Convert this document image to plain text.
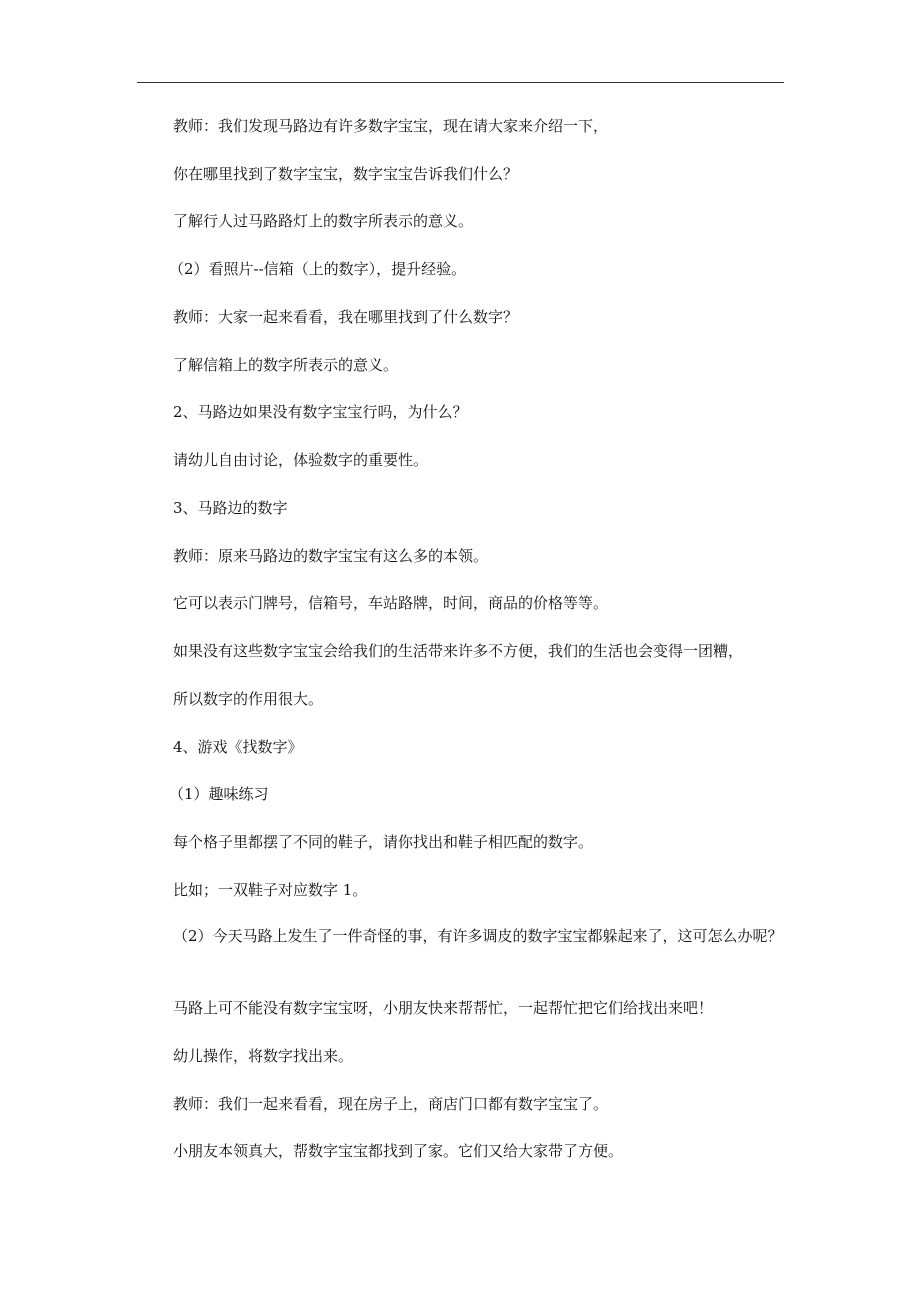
教师：我们发现马路边有许多数字宝宝，现在请大家来介绍一下，
你在哪里找到了数字宝宝，数字宝宝告诉我们什么？
了解行人过马路路灯上的数字所表示的意义。
（2）看照片--信箱（上的数字），提升经验。
教师：大家一起来看看，我在哪里找到了什么数字？
了解信箱上的数字所表示的意义。
2、马路边如果没有数字宝宝行吗，为什么？
请幼儿自由讨论，体验数字的重要性。
3、马路边的数字
教师：原来马路边的数字宝宝有这么多的本领。
它可以表示门牌号，信箱号，车站路牌，时间，商品的价格等等。
如果没有这些数字宝宝会给我们的生活带来许多不方便，我们的生活也会变得一团糟，
所以数字的作用很大。
4、游戏《找数字》
（1）趣味练习
每个格子里都摆了不同的鞋子，请你找出和鞋子相匹配的数字。
比如；一双鞋子对应数字 1。
（2）今天马路上发生了一件奇怪的事，有许多调皮的数字宝宝都躲起来了，这可怎么办呢？
马路上可不能没有数字宝宝呀，小朋友快来帮帮忙，一起帮忙把它们给找出来吧！
幼儿操作，将数字找出来。
教师：我们一起来看看，现在房子上，商店门口都有数字宝宝了。
小朋友本领真大，帮数字宝宝都找到了家。它们又给大家带了方便。
